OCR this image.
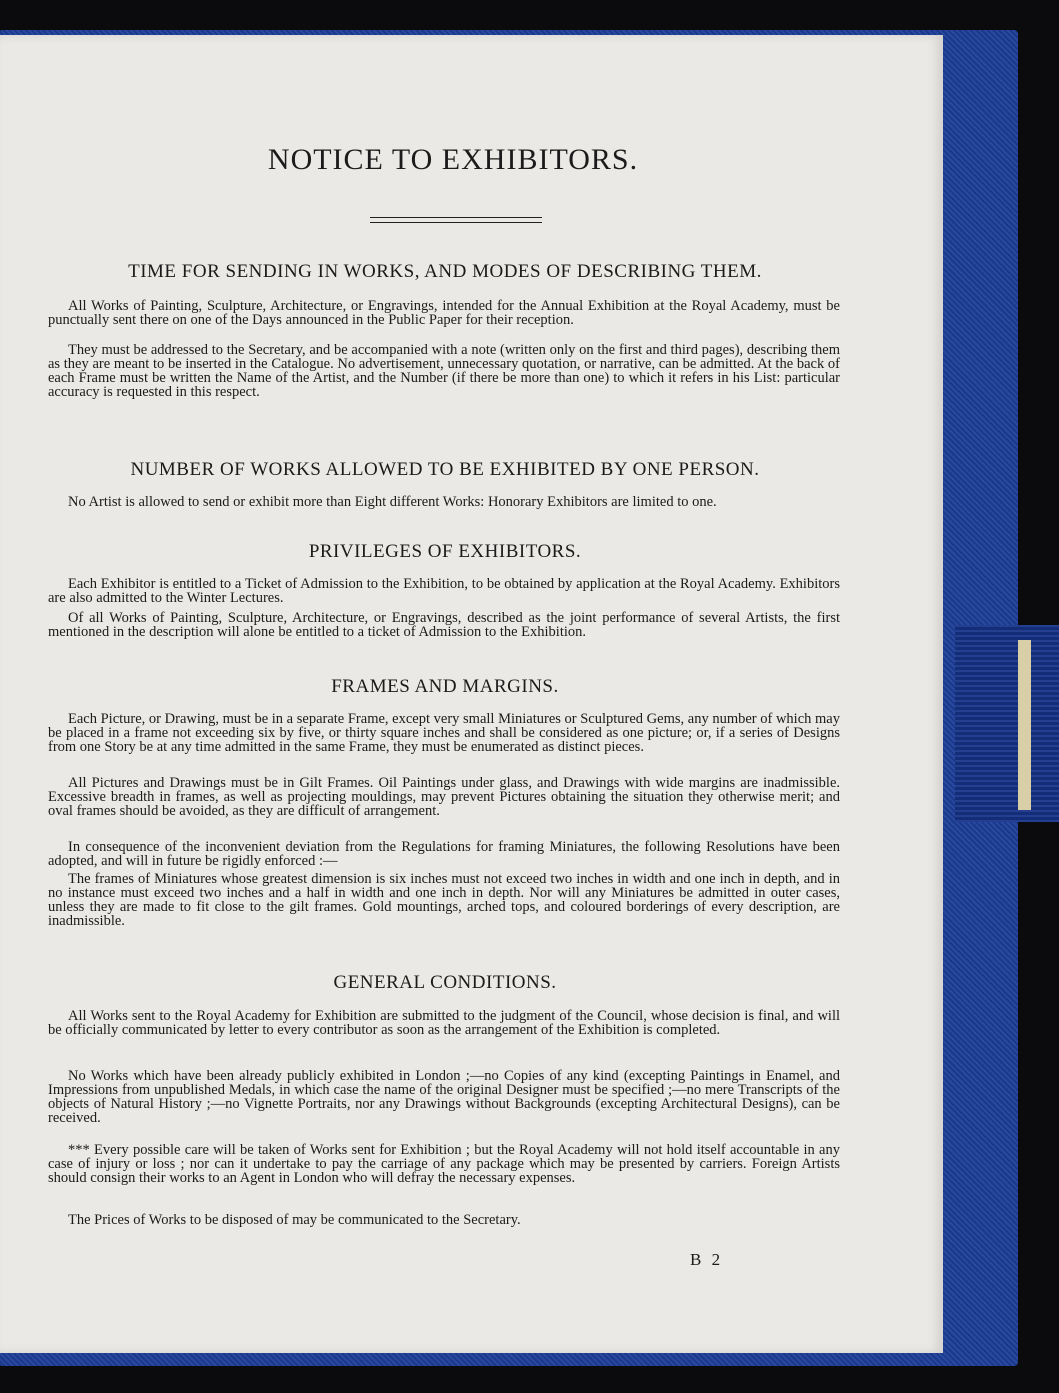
NOTICE TO EXHIBITORS.
TIME FOR SENDING IN WORKS, AND MODES OF DESCRIBING THEM.

All Works of Painting, Sculpture, Architecture, or Engravings, intended for the Annual Exhibition at the Royal Academy, must be punctually sent there on one of the Days announced in the Public Paper for their reception.

They must be addressed to the Secretary, and be accompanied with a note (written only on the first and third pages), describing them as they are meant to be inserted in the Catalogue. No advertisement, unnecessary quotation, or narrative, can be admitted. At the back of each Frame must be written the Name of the Artist, and the Number (if there be more than one) to which it refers in his List: particular accuracy is requested in this respect.

NUMBER OF WORKS ALLOWED TO BE EXHIBITED BY ONE PERSON.

No Artist is allowed to send or exhibit more than Eight different Works: Honorary Exhibitors are limited to one.

PRIVILEGES OF EXHIBITORS.

Each Exhibitor is entitled to a Ticket of Admission to the Exhibition, to be obtained by application at the Royal Academy. Exhibitors are also admitted to the Winter Lectures.

Of all Works of Painting, Sculpture, Architecture, or Engravings, described as the joint performance of several Artists, the first mentioned in the description will alone be entitled to a ticket of Admission to the Exhibition.

FRAMES AND MARGINS.

Each Picture, or Drawing, must be in a separate Frame, except very small Miniatures or Sculptured Gems, any number of which may be placed in a frame not exceeding six by five, or thirty square inches and shall be considered as one picture; or, if a series of Designs from one Story be at any time admitted in the same Frame, they must be enumerated as distinct pieces.

All Pictures and Drawings must be in Gilt Frames. Oil Paintings under glass, and Drawings with wide margins are inadmissible. Excessive breadth in frames, as well as projecting mouldings, may prevent Pictures obtaining the situation they otherwise merit; and oval frames should be avoided, as they are difficult of arrangement.

In consequence of the inconvenient deviation from the Regulations for framing Miniatures, the following Resolutions have been adopted, and will in future be rigidly enforced :—

The frames of Miniatures whose greatest dimension is six inches must not exceed two inches in width and one inch in depth, and in no instance must exceed two inches and a half in width and one inch in depth. Nor will any Miniatures be admitted in outer cases, unless they are made to fit close to the gilt frames. Gold mountings, arched tops, and coloured borderings of every description, are inadmissible.

GENERAL CONDITIONS.

All Works sent to the Royal Academy for Exhibition are submitted to the judgment of the Council, whose decision is final, and will be officially communicated by letter to every contributor as soon as the arrangement of the Exhibition is completed.

No Works which have been already publicly exhibited in London ;—no Copies of any kind (excepting Paintings in Enamel, and Impressions from unpublished Medals, in which case the name of the original Designer must be specified ;—no mere Transcripts of the objects of Natural History ;—no Vignette Portraits, nor any Drawings without Backgrounds (excepting Architectural Designs), can be received.

*** Every possible care will be taken of Works sent for Exhibition ; but the Royal Academy will not hold itself accountable in any case of injury or loss ; nor can it undertake to pay the carriage of any package which may be presented by carriers. Foreign Artists should consign their works to an Agent in London who will defray the necessary expenses.

The Prices of Works to be disposed of may be communicated to the Secretary.

B 2
